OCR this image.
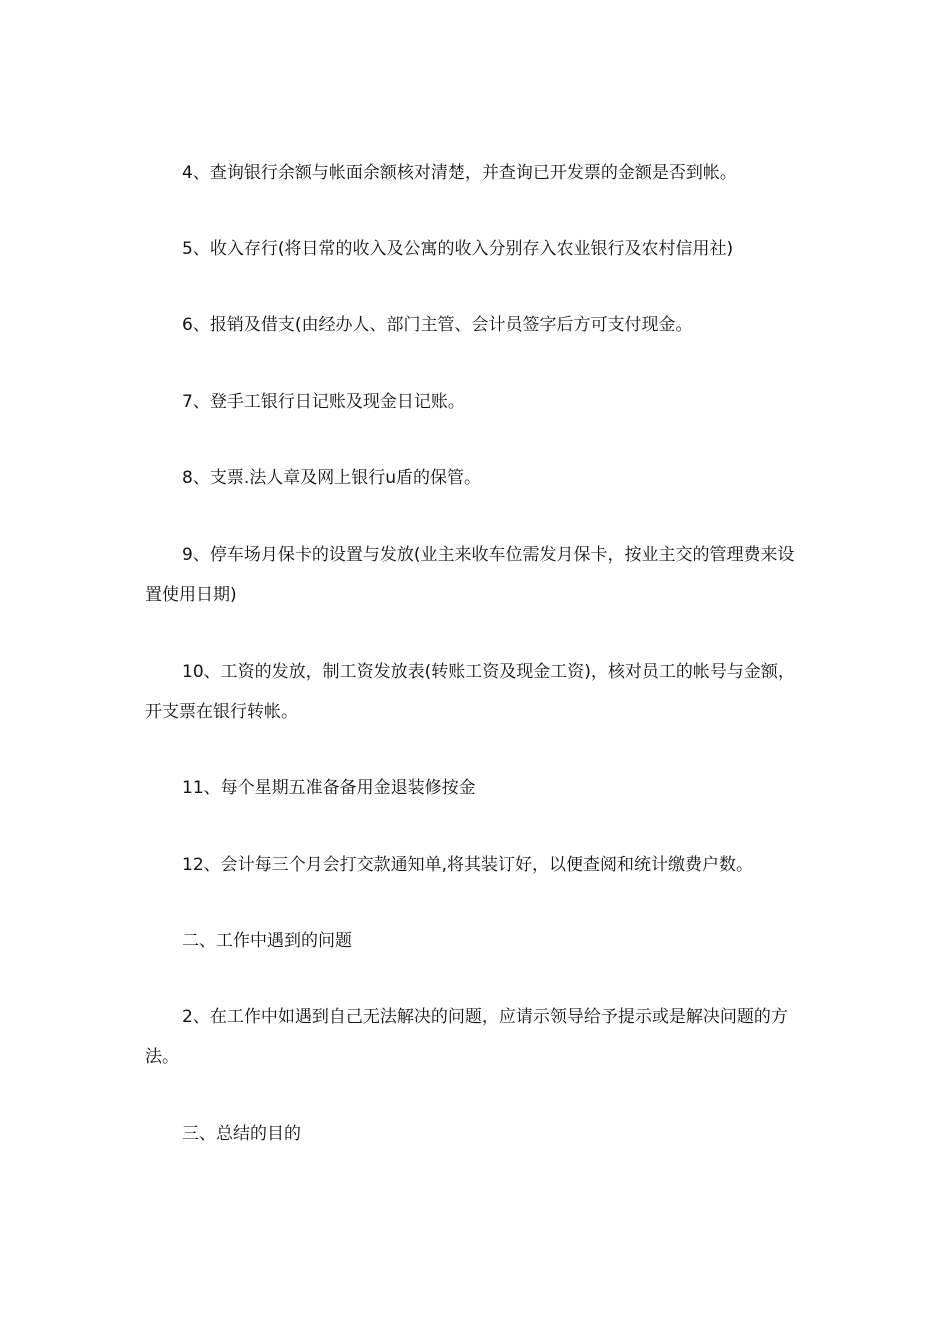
4、查询银行余额与帐面余额核对清楚，并查询已开发票的金额是否到帐。

5、收入存行(将日常的收入及公寓的收入分别存入农业银行及农村信用社)

6、报销及借支(由经办人、部门主管、会计员签字后方可支付现金。

7、登手工银行日记账及现金日记账。

8、支票.法人章及网上银行u盾的保管。

9、停车场月保卡的设置与发放(业主来收车位需发月保卡，按业主交的管理费来设置使用日期)

10、工资的发放，制工资发放表(转账工资及现金工资)，核对员工的帐号与金额，开支票在银行转帐。

11、每个星期五准备备用金退装修按金

12、会计每三个月会打交款通知单,将其装订好，以便查阅和统计缴费户数。

二、工作中遇到的问题

2、在工作中如遇到自己无法解决的问题，应请示领导给予提示或是解决问题的方法。

三、总结的目的
